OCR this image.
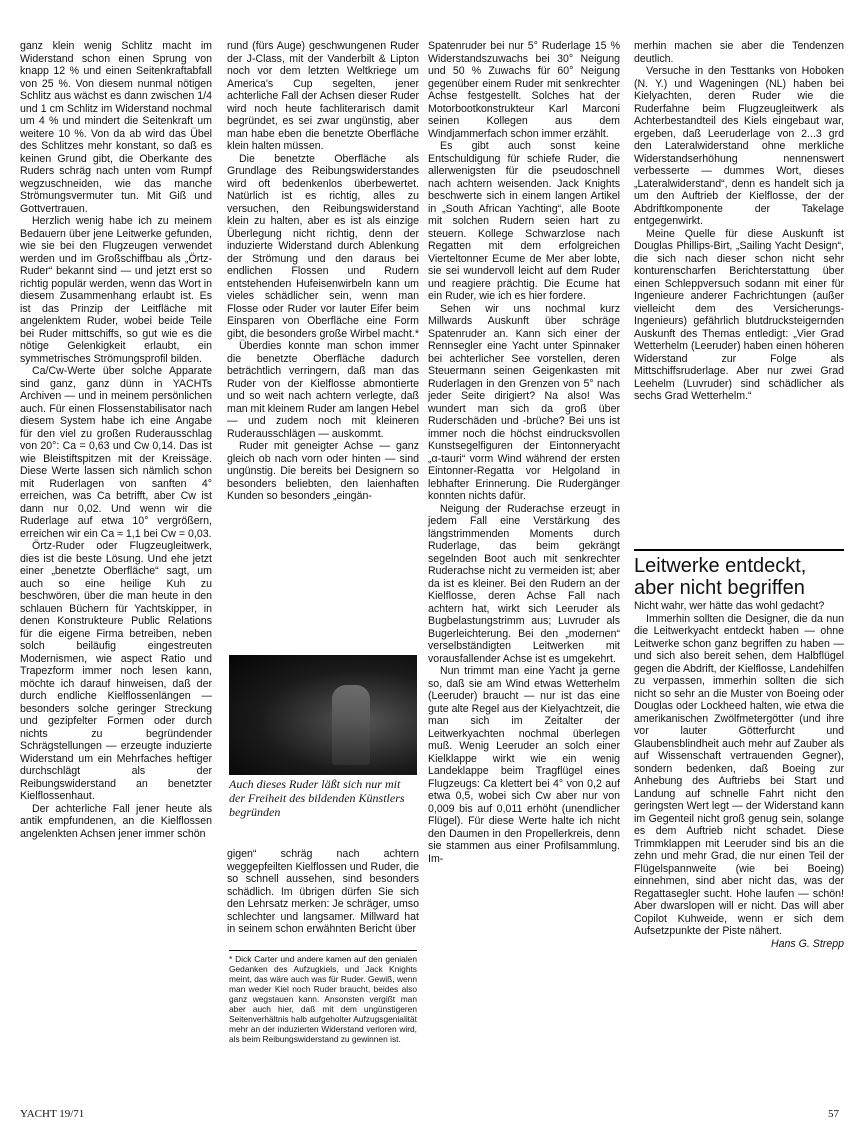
ganz klein wenig Schlitz macht im Widerstand schon einen Sprung von knapp 12 % und einen Seitenkraftabfall von 25 %. Von diesem nunmal nötigen Schlitz aus wächst es dann zwischen 1/4 und 1 cm Schlitz im Widerstand nochmal um 4 % und mindert die Seitenkraft um weitere 10 %. Von da ab wird das Übel des Schlitzes mehr konstant, so daß es keinen Grund gibt, die Oberkante des Ruders schräg nach unten vom Rumpf wegzuschneiden, wie das manche Strömungsvermuter tun. Mit Giß und Gottvertrauen.

Herzlich wenig habe ich zu meinem Bedauern über jene Leitwerke gefunden, wie sie bei den Flugzeugen verwendet werden und im Großschiffbau als „Örtz-Ruder“ bekannt sind — und jetzt erst so richtig populär werden, wenn das Wort in diesem Zusammenhang erlaubt ist. Es ist das Prinzip der Leitfläche mit angelenktem Ruder, wobei beide Teile bei Ruder mittschiffs, so gut wie es die nötige Gelenkigkeit erlaubt, ein symmetrisches Strömungsprofil bilden.

Ca/Cw-Werte über solche Apparate sind ganz, ganz dünn in YACHTs Archiven — und in meinem persönlichen auch. Für einen Flossenstabilisator nach diesem System habe ich eine Angabe für den viel zu großen Ruderausschlag von 20°: Ca = 0,63 und Cw 0,14. Das ist wie Bleistiftspitzen mit der Kreissäge. Diese Werte lassen sich nämlich schon mit Ruderlagen von sanften 4° erreichen, was Ca betrifft, aber Cw ist dann nur 0,02. Und wenn wir die Ruderlage auf etwa 10° vergrößern, erreichen wir ein Ca ≈ 1,1 bei Cw = 0,03.

Örtz-Ruder oder Flugzeugleitwerk, dies ist die beste Lösung. Und ehe jetzt einer „benetzte Oberfläche“ sagt, um auch so eine heilige Kuh zu beschwören, über die man heute in den schlauen Büchern für Yachtskipper, in denen Konstrukteure Public Relations für die eigene Firma betreiben, neben solch beiläufig eingestreuten Modernismen, wie aspect Ratio und Trapezform immer noch lesen kann, möchte ich darauf hinweisen, daß der durch endliche Kielflossenlängen — besonders solche geringer Streckung und gezipfelter Formen oder durch nichts zu begründender Schrägstellungen — erzeugte induzierte Widerstand um ein Mehrfaches heftiger durchschlägt als der Reibungswiderstand an benetzter Kielflossenhaut.

Der achterliche Fall jener heute als antik empfundenen, an die Kielflossen angelenkten Achsen jener immer schön

rund (fürs Auge) geschwungenen Ruder der J-Class, mit der Vanderbilt & Lipton noch vor dem letzten Weltkriege um America's Cup segelten, jener achterliche Fall der Achsen dieser Ruder wird noch heute fachliterarisch damit begründet, es sei zwar ungünstig, aber man habe eben die benetzte Oberfläche klein halten müssen.

Die benetzte Oberfläche als Grundlage des Reibungswiderstandes wird oft bedenkenlos überbewertet. Natürlich ist es richtig, alles zu versuchen, den Reibungswiderstand klein zu halten, aber es ist als einzige Überlegung nicht richtig, denn der induzierte Widerstand durch Ablenkung der Strömung und den daraus bei endlichen Flossen und Rudern entstehenden Hufeisenwirbeln kann um vieles schädlicher sein, wenn man Flosse oder Ruder vor lauter Eifer beim Einsparen von Oberfläche eine Form gibt, die besonders große Wirbel macht.*

Überdies konnte man schon immer die benetzte Oberfläche dadurch beträchtlich verringern, daß man das Ruder von der Kielflosse abmontierte und so weit nach achtern verlegte, daß man mit kleinem Ruder am langen Hebel — und zudem noch mit kleineren Ruderausschlägen — auskommt.

Ruder mit geneigter Achse — ganz gleich ob nach vorn oder hinten — sind ungünstig. Die bereits bei Designern so besonders beliebten, den laienhaften Kunden so besonders „eingän-

Auch dieses Ruder läßt sich nur mit der Freiheit des bildenden Künstlers begründen

gigen“ schräg nach achtern weggepfeilten Kielflossen und Ruder, die so schnell aussehen, sind besonders schädlich. Im übrigen dürfen Sie sich den Lehrsatz merken: Je schräger, umso schlechter und langsamer. Millward hat in seinem schon erwähnten Bericht über

* Dick Carter und andere kamen auf den genialen Gedanken des Aufzugkiels, und Jack Knights meint, das wäre auch was für Ruder. Gewiß, wenn man weder Kiel noch Ruder braucht, beides also ganz wegstauen kann. Ansonsten vergißt man aber auch hier, daß mit dem ungünstigeren Seitenverhältnis halb aufgeholter Aufzugsgenialität mehr an der induzierten Widerstand verloren wird, als beim Reibungswiderstand zu gewinnen ist.

Spatenruder bei nur 5° Ruderlage 15 % Widerstandszuwachs bei 30° Neigung und 50 % Zuwachs für 60° Neigung gegenüber einem Ruder mit senkrechter Achse festgestellt. Solches hat der Motorbootkonstrukteur Karl Marconi seinen Kollegen aus dem Windjammerfach schon immer erzählt.

Es gibt auch sonst keine Entschuldigung für schiefe Ruder, die allerwenigsten für die pseudoschnell nach achtern weisenden. Jack Knights beschwerte sich in einem langen Artikel in „South African Yachting“, alle Boote mit solchen Rudern seien hart zu steuern. Kollege Schwarzlose nach Regatten mit dem erfolgreichen Vierteltonner Ecume de Mer aber lobte, sie sei wundervoll leicht auf dem Ruder und reagiere prächtig. Die Ecume hat ein Ruder, wie ich es hier fordere.

Sehen wir uns nochmal kurz Millwards Auskunft über schräge Spatenruder an. Kann sich einer der Rennsegler eine Yacht unter Spinnaker bei achterlicher See vorstellen, deren Steuermann seinen Geigenkasten mit Ruderlagen in den Grenzen von 5° nach jeder Seite dirigiert? Na also! Was wundert man sich da groß über Ruderschäden und -brüche? Bei uns ist immer noch die höchst eindrucksvollen Kunstsegelfiguren der Eintonneryacht „α-tauri“ vorm Wind während der ersten Eintonner-Regatta vor Helgoland in lebhafter Erinnerung. Die Rudergänger konnten nichts dafür.

Neigung der Ruderachse erzeugt in jedem Fall eine Verstärkung des längstrimmenden Moments durch Ruderlage, das beim gekrängt segelnden Boot auch mit senkrechter Ruderachse nicht zu vermeiden ist; aber da ist es kleiner. Bei den Rudern an der Kielflosse, deren Achse Fall nach achtern hat, wirkt sich Leeruder als Bugbelastungstrimm aus; Luvruder als Bugerleichterung. Bei den „modernen“ verselbständigten Leitwerken mit vorausfallender Achse ist es umgekehrt.

Nun trimmt man eine Yacht ja gerne so, daß sie am Wind etwas Wetterhelm (Leeruder) braucht — nur ist das eine gute alte Regel aus der Kielyachtzeit, die man sich im Zeitalter der Leitwerkyachten nochmal überlegen muß. Wenig Leeruder an solch einer Kielklappe wirkt wie ein wenig Landeklappe beim Tragflügel eines Flugzeugs: Ca klettert bei 4° von 0,2 auf etwa 0,5, wobei sich Cw aber nur von 0,009 bis auf 0,011 erhöht (unendlicher Flügel). Für diese Werte halte ich nicht den Daumen in den Propellerkreis, denn sie stammen aus einer Profilsammlung. Im-

merhin machen sie aber die Tendenzen deutlich.

Versuche in den Testtanks von Hoboken (N. Y.) und Wageningen (NL) haben bei Kielyachten, deren Ruder wie die Ruderfahne beim Flugzeugleitwerk als Achterbestandteil des Kiels eingebaut war, ergeben, daß Leeruderlage von 2...3 grd den Lateralwiderstand ohne merkliche Widerstandserhöhung nennenswert verbesserte — dummes Wort, dieses „Lateralwiderstand“, denn es handelt sich ja um den Auftrieb der Kielflosse, der der Abdriftkomponente der Takelage entgegenwirkt.

Meine Quelle für diese Auskunft ist Douglas Phillips-Birt, „Sailing Yacht Design“, die sich nach dieser schon nicht sehr konturenscharfen Berichterstattung über einen Schleppversuch sodann mit einer für Ingenieure anderer Fachrichtungen (außer vielleicht dem des Versicherungs-Ingenieurs) gefährlich blutdrucksteigernden Auskunft des Themas entledigt: „Vier Grad Wetterhelm (Leeruder) haben einen höheren Widerstand zur Folge als Mittschiffsruderlage. Aber nur zwei Grad Leehelm (Luvruder) sind schädlicher als sechs Grad Wetterhelm.“

Leitwerke entdeckt, aber nicht begriffen

Nicht wahr, wer hätte das wohl gedacht?

Immerhin sollten die Designer, die da nun die Leitwerkyacht entdeckt haben — ohne Leitwerke schon ganz begriffen zu haben — und sich also bereit sehen, dem Halbflügel gegen die Abdrift, der Kielflosse, Landehilfen zu verpassen, immerhin sollten die sich nicht so sehr an die Muster von Boeing oder Douglas oder Lockheed halten, wie etwa die amerikanischen Zwölfmetergötter (und ihre vor lauter Götterfurcht und Glaubensblindheit auch mehr auf Zauber als auf Wissenschaft vertrauenden Gegner), sondern bedenken, daß Boeing zur Anhebung des Auftriebs bei Start und Landung auf schnelle Fahrt nicht den geringsten Wert legt — der Widerstand kann im Gegenteil nicht groß genug sein, solange es dem Auftrieb nicht schadet. Diese Trimmklappen mit Leeruder sind bis an die zehn und mehr Grad, die nur einen Teil der Flügelspannweite (wie bei Boeing) einnehmen, sind aber nicht das, was der Regattasegler sucht. Hohe laufen — schön! Aber dwarslopen will er nicht. Das will aber Copilot Kuhweide, wenn er sich dem Aufsetzpunkte der Piste nähert.

Hans G. Strepp

YACHT 19/71	57
